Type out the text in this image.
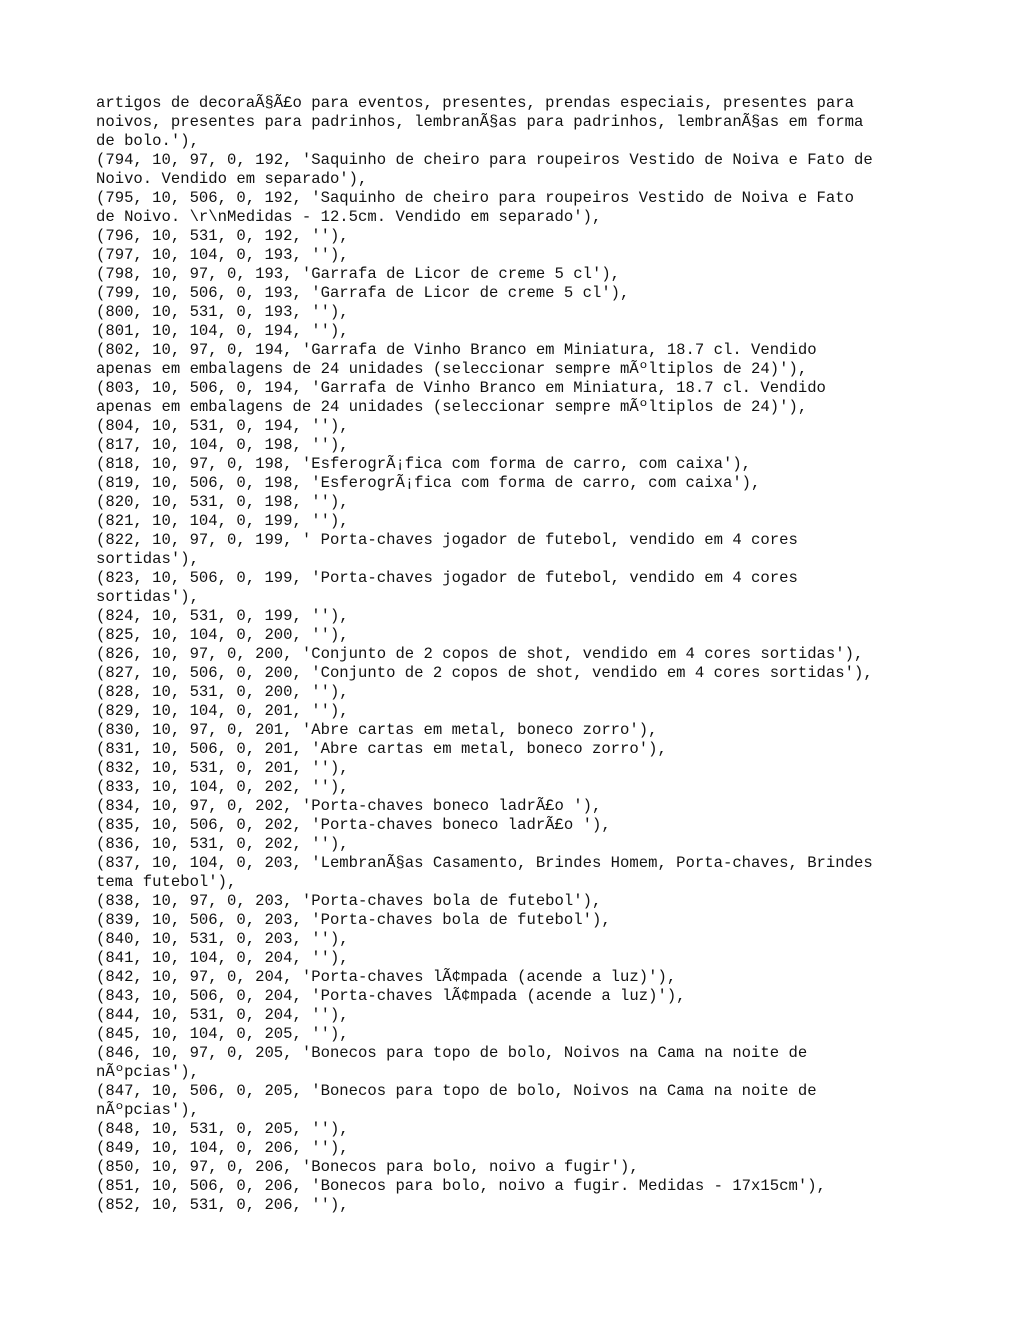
artigos de decoraÃ§Ã£o para eventos, presentes, prendas especiais, presentes para
noivos, presentes para padrinhos, lembranÃ§as para padrinhos, lembranÃ§as em forma
de bolo.'),
(794, 10, 97, 0, 192, 'Saquinho de cheiro para roupeiros Vestido de Noiva e Fato de
Noivo. Vendido em separado'),
(795, 10, 506, 0, 192, 'Saquinho de cheiro para roupeiros Vestido de Noiva e Fato
de Noivo. \r\nMedidas - 12.5cm. Vendido em separado'),
(796, 10, 531, 0, 192, ''),
(797, 10, 104, 0, 193, ''),
(798, 10, 97, 0, 193, 'Garrafa de Licor de creme 5 cl'),
(799, 10, 506, 0, 193, 'Garrafa de Licor de creme 5 cl'),
(800, 10, 531, 0, 193, ''),
(801, 10, 104, 0, 194, ''),
(802, 10, 97, 0, 194, 'Garrafa de Vinho Branco em Miniatura, 18.7 cl. Vendido
apenas em embalagens de 24 unidades (seleccionar sempre mÃºltiplos de 24)'),
(803, 10, 506, 0, 194, 'Garrafa de Vinho Branco em Miniatura, 18.7 cl. Vendido
apenas em embalagens de 24 unidades (seleccionar sempre mÃºltiplos de 24)'),
(804, 10, 531, 0, 194, ''),
(817, 10, 104, 0, 198, ''),
(818, 10, 97, 0, 198, 'EsferogrÃ¡fica com forma de carro, com caixa'),
(819, 10, 506, 0, 198, 'EsferogrÃ¡fica com forma de carro, com caixa'),
(820, 10, 531, 0, 198, ''),
(821, 10, 104, 0, 199, ''),
(822, 10, 97, 0, 199, ' Porta-chaves jogador de futebol, vendido em 4 cores
sortidas'),
(823, 10, 506, 0, 199, 'Porta-chaves jogador de futebol, vendido em 4 cores
sortidas'),
(824, 10, 531, 0, 199, ''),
(825, 10, 104, 0, 200, ''),
(826, 10, 97, 0, 200, 'Conjunto de 2 copos de shot, vendido em 4 cores sortidas'),
(827, 10, 506, 0, 200, 'Conjunto de 2 copos de shot, vendido em 4 cores sortidas'),
(828, 10, 531, 0, 200, ''),
(829, 10, 104, 0, 201, ''),
(830, 10, 97, 0, 201, 'Abre cartas em metal, boneco zorro'),
(831, 10, 506, 0, 201, 'Abre cartas em metal, boneco zorro'),
(832, 10, 531, 0, 201, ''),
(833, 10, 104, 0, 202, ''),
(834, 10, 97, 0, 202, 'Porta-chaves boneco ladrÃ£o '),
(835, 10, 506, 0, 202, 'Porta-chaves boneco ladrÃ£o '),
(836, 10, 531, 0, 202, ''),
(837, 10, 104, 0, 203, 'LembranÃ§as Casamento, Brindes Homem, Porta-chaves, Brindes
tema futebol'),
(838, 10, 97, 0, 203, 'Porta-chaves bola de futebol'),
(839, 10, 506, 0, 203, 'Porta-chaves bola de futebol'),
(840, 10, 531, 0, 203, ''),
(841, 10, 104, 0, 204, ''),
(842, 10, 97, 0, 204, 'Porta-chaves lÃ¢mpada (acende a luz)'),
(843, 10, 506, 0, 204, 'Porta-chaves lÃ¢mpada (acende a luz)'),
(844, 10, 531, 0, 204, ''),
(845, 10, 104, 0, 205, ''),
(846, 10, 97, 0, 205, 'Bonecos para topo de bolo, Noivos na Cama na noite de
nÃºpcias'),
(847, 10, 506, 0, 205, 'Bonecos para topo de bolo, Noivos na Cama na noite de
nÃºpcias'),
(848, 10, 531, 0, 205, ''),
(849, 10, 104, 0, 206, ''),
(850, 10, 97, 0, 206, 'Bonecos para bolo, noivo a fugir'),
(851, 10, 506, 0, 206, 'Bonecos para bolo, noivo a fugir. Medidas - 17x15cm'),
(852, 10, 531, 0, 206, ''),
